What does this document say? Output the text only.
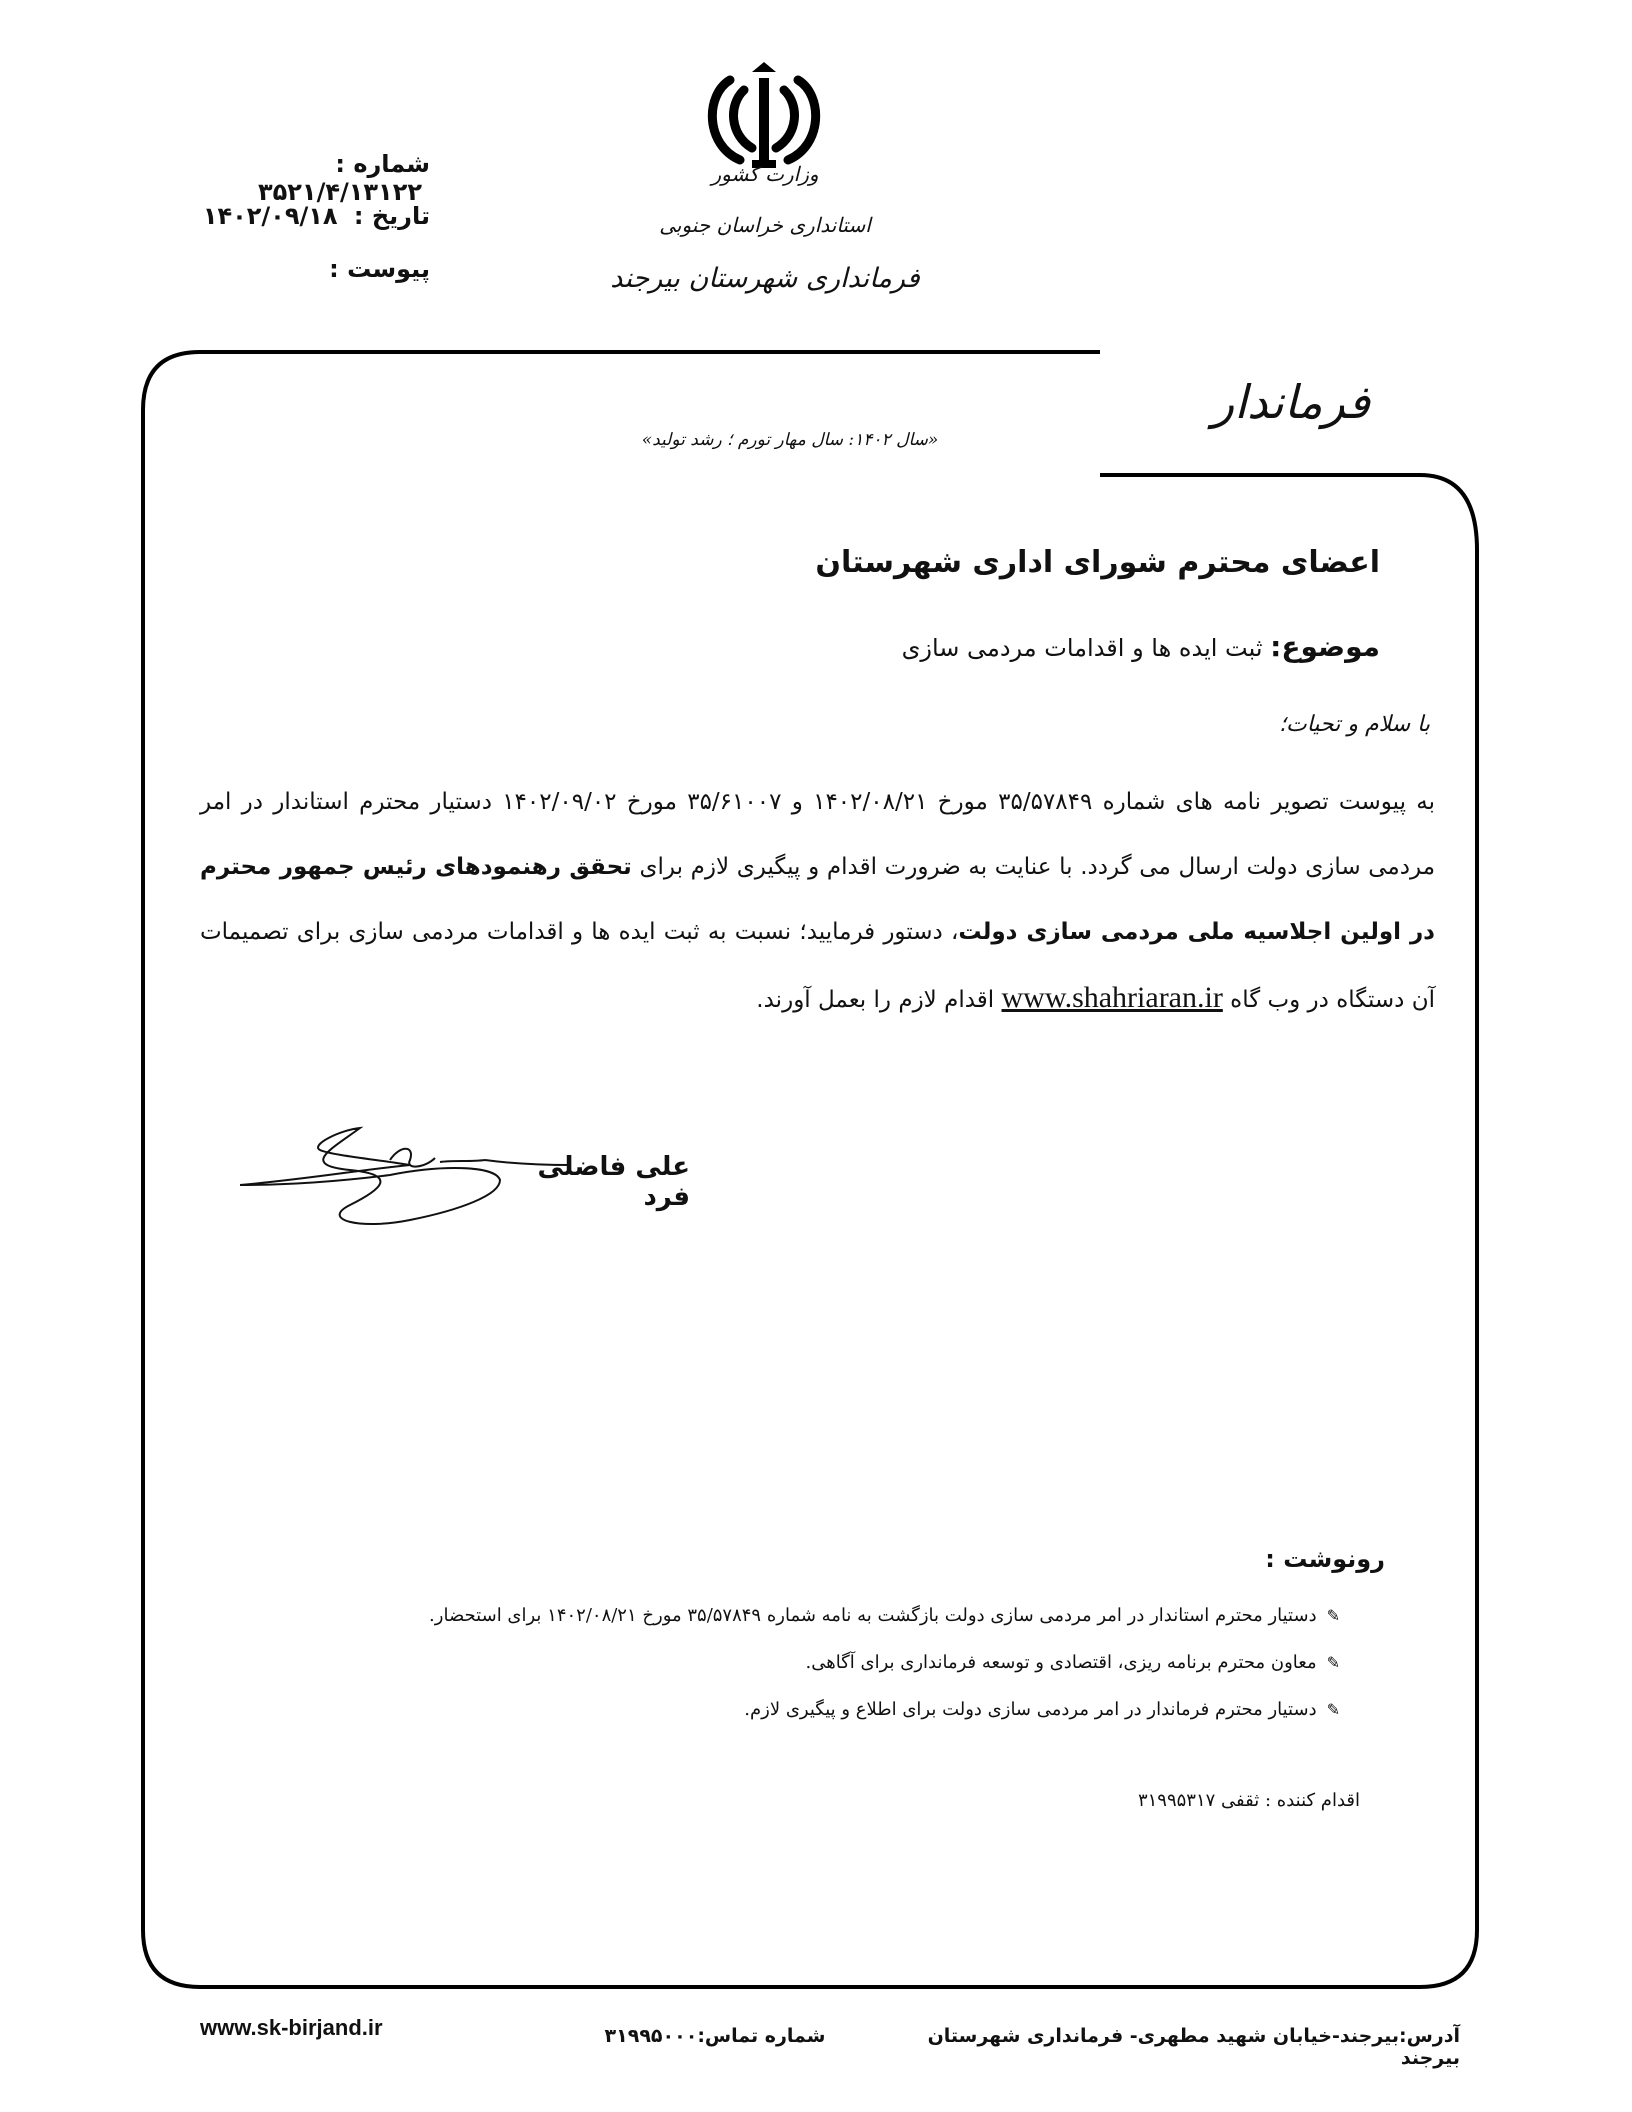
شماره : ۳۵۲۱/۴/۱۳۱۲۲
تاریخ : ۱۴۰۲/۰۹/۱۸
پیوست :
وزارت کشور
استانداری خراسان جنوبی
فرمانداری شهرستان بیرجند
فرماندار
«سال ۱۴۰۲: سال مهار تورم ؛ رشد تولید»
اعضای محترم شورای اداری شهرستان
موضوع: ثبت ایده ها و اقدامات مردمی سازی
با سلام و تحیات؛
به پیوست تصویر نامه های شماره ۳۵/۵۷۸۴۹ مورخ ۱۴۰۲/۰۸/۲۱ و ۳۵/۶۱۰۰۷ مورخ ۱۴۰۲/۰۹/۰۲ دستیار محترم استاندار در امر مردمی سازی دولت ارسال می گردد. با عنایت به ضرورت اقدام و پیگیری لازم برای تحقق رهنمودهای رئیس جمهور محترم در اولین اجلاسیه ملی مردمی سازی دولت، دستور فرمایید؛ نسبت به ثبت ایده ها و اقدامات مردمی سازی برای تصمیمات آن دستگاه در وب گاه www.shahriaran.ir اقدام لازم را بعمل آورند.
علی فاضلی فرد
رونوشت :
✎دستیار محترم استاندار در امر مردمی سازی دولت بازگشت به نامه شماره ۳۵/۵۷۸۴۹ مورخ ۱۴۰۲/۰۸/۲۱ برای استحضار.
✎معاون محترم برنامه ریزی، اقتصادی و توسعه فرمانداری برای آگاهی.
✎دستیار محترم فرماندار در امر مردمی سازی دولت برای اطلاع و پیگیری لازم.
اقدام کننده : ثقفی ۳۱۹۹۵۳۱۷
www.sk-birjand.ir	شماره تماس:۳۱۹۹۵۰۰۰	آدرس:بیرجند-خیابان شهید مطهری- فرمانداری شهرستان بیرجند
